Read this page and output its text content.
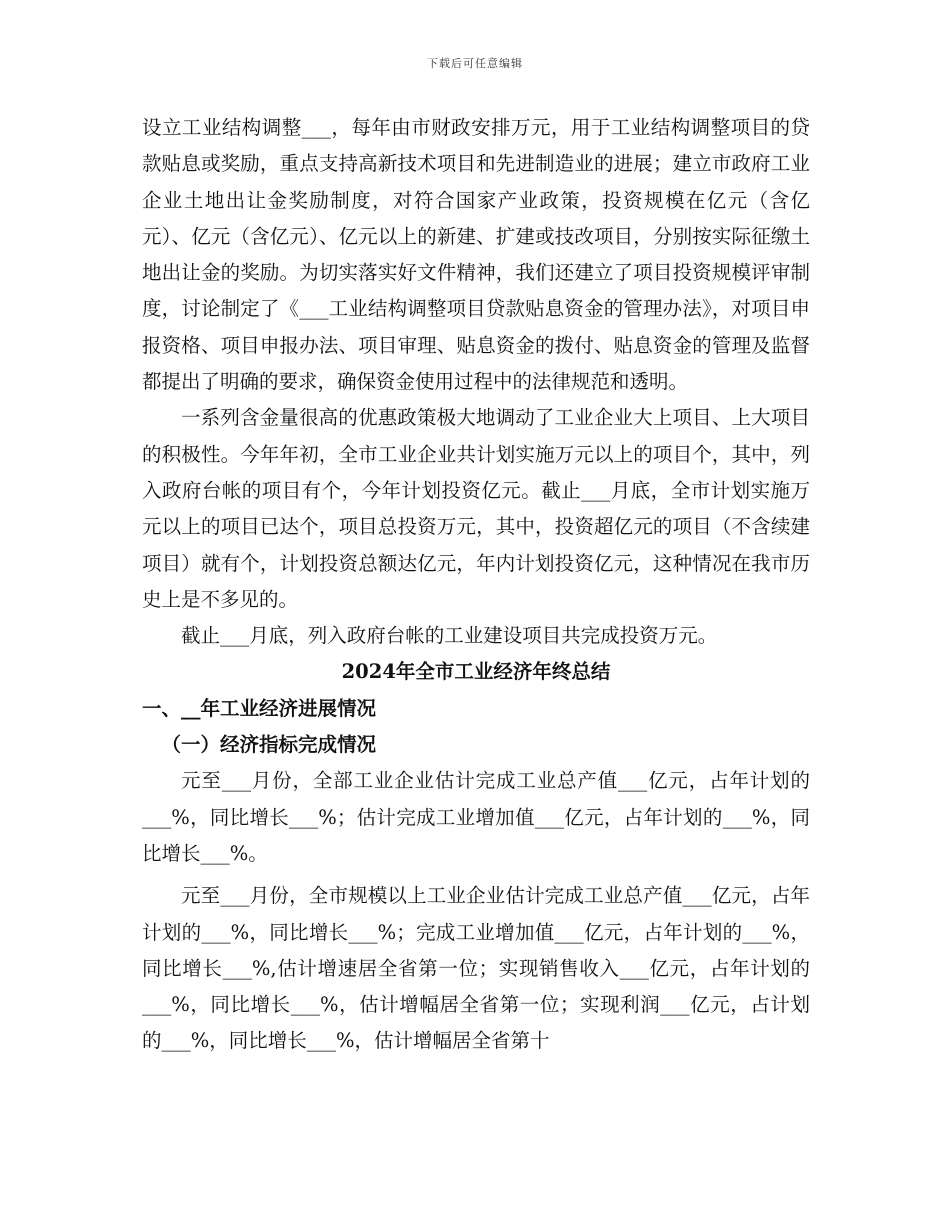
下载后可任意编辑

设立工业结构调整___，每年由市财政安排万元，用于工业结构调整项目的贷款贴息或奖励，重点支持高新技术项目和先进制造业的进展；建立市政府工业企业土地出让金奖励制度，对符合国家产业政策，投资规模在亿元（含亿元）、亿元（含亿元）、亿元以上的新建、扩建或技改项目，分别按实际征缴土地出让金的奖励。为切实落实好文件精神，我们还建立了项目投资规模评审制度，讨论制定了《___工业结构调整项目贷款贴息资金的管理办法》，对项目申报资格、项目申报办法、项目审理、贴息资金的拨付、贴息资金的管理及监督都提出了明确的要求，确保资金使用过程中的法律规范和透明。

一系列含金量很高的优惠政策极大地调动了工业企业大上项目、上大项目的积极性。今年年初，全市工业企业共计划实施万元以上的项目个，其中，列入政府台帐的项目有个，今年计划投资亿元。截止___月底，全市计划实施万元以上的项目已达个，项目总投资万元，其中，投资超亿元的项目（不含续建项目）就有个，计划投资总额达亿元，年内计划投资亿元，这种情况在我市历史上是不多见的。

截止___月底，列入政府台帐的工业建设项目共完成投资万元。

2024年全市工业经济年终总结

一、__年工业经济进展情况

（一）经济指标完成情况

元至___月份，全部工业企业估计完成工业总产值___亿元，占年计划的___%，同比增长___%；估计完成工业增加值___亿元，占年计划的___%，同比增长___%。

元至___月份，全市规模以上工业企业估计完成工业总产值___亿元，占年计划的___%，同比增长___%；完成工业增加值___亿元，占年计划的___%，同比增长___%,估计增速居全省第一位；实现销售收入___亿元，占年计划的___%，同比增长___%，估计增幅居全省第一位；实现利润___亿元，占计划的___%，同比增长___%，估计增幅居全省第十
